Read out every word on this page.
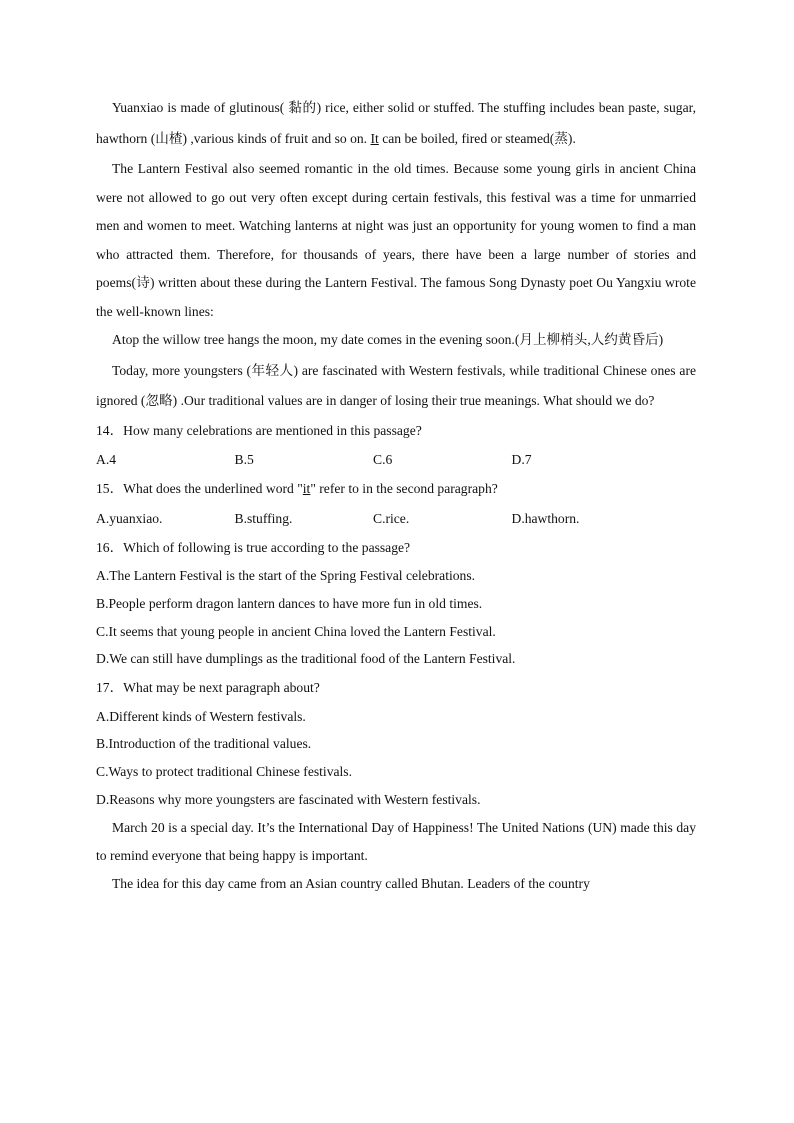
Yuanxiao is made of glutinous( 黏的) rice, either solid or stuffed. The stuffing includes bean paste, sugar, hawthorn (山楂) ,various kinds of fruit and so on. It can be boiled, fired or steamed(蒸).

The Lantern Festival also seemed romantic in the old times. Because some young girls in ancient China were not allowed to go out very often except during certain festivals, this festival was a time for unmarried men and women to meet. Watching lanterns at night was just an opportunity for young women to find a man who attracted them. Therefore, for thousands of years, there have been a large number of stories and poems(诗) written about these during the Lantern Festival. The famous Song Dynasty poet Ou Yangxiu wrote the well-known lines:

Atop the willow tree hangs the moon, my date comes in the evening soon.(月上柳梢头,人约黄昏后)

Today, more youngsters (年轻人) are fascinated with Western festivals, while traditional Chinese ones are ignored (忽略) .Our traditional values are in danger of losing their true meanings. What should we do?

14．How many celebrations are mentioned in this passage?

A.4	B.5	C.6	D.7

15．What does the underlined word "it" refer to in the second paragraph?

A.yuanxiao.	B.stuffing.	C.rice.	D.hawthorn.

16．Which of following is true according to the passage?

A.The Lantern Festival is the start of the Spring Festival celebrations.

B.People perform dragon lantern dances to have more fun in old times.

C.It seems that young people in ancient China loved the Lantern Festival.

D.We can still have dumplings as the traditional food of the Lantern Festival.

17．What may be next paragraph about?

A.Different kinds of Western festivals.

B.Introduction of the traditional values.

C.Ways to protect traditional Chinese festivals.

D.Reasons why more youngsters are fascinated with Western festivals.

March 20 is a special day. It’s the International Day of Happiness! The United Nations (UN) made this day to remind everyone that being happy is important.

The idea for this day came from an Asian country called Bhutan. Leaders of the country
